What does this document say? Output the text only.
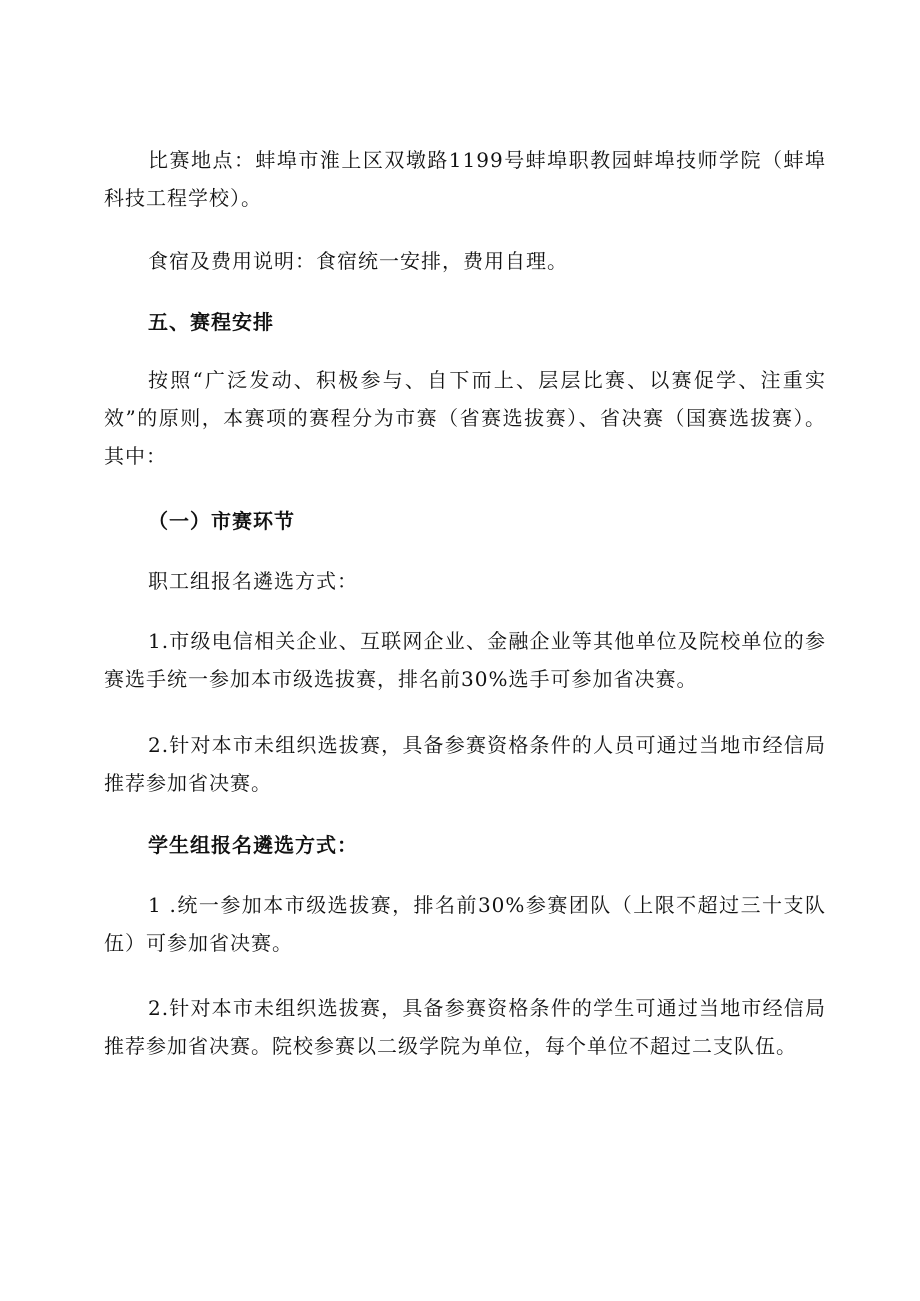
比赛地点：蚌埠市淮上区双墩路1199号蚌埠职教园蚌埠技师学院（蚌埠科技工程学校）。

食宿及费用说明：食宿统一安排，费用自理。

五、赛程安排

按照“广泛发动、积极参与、自下而上、层层比赛、以赛促学、注重实效”的原则，本赛项的赛程分为市赛（省赛选拔赛）、省决赛（国赛选拔赛）。其中：

（一）市赛环节

职工组报名遴选方式：

1.市级电信相关企业、互联网企业、金融企业等其他单位及院校单位的参赛选手统一参加本市级选拔赛，排名前30%选手可参加省决赛。

2.针对本市未组织选拔赛，具备参赛资格条件的人员可通过当地市经信局推荐参加省决赛。

学生组报名遴选方式：

1 .统一参加本市级选拔赛，排名前30%参赛团队（上限不超过三十支队伍）可参加省决赛。

2.针对本市未组织选拔赛，具备参赛资格条件的学生可通过当地市经信局推荐参加省决赛。院校参赛以二级学院为单位，每个单位不超过二支队伍。
